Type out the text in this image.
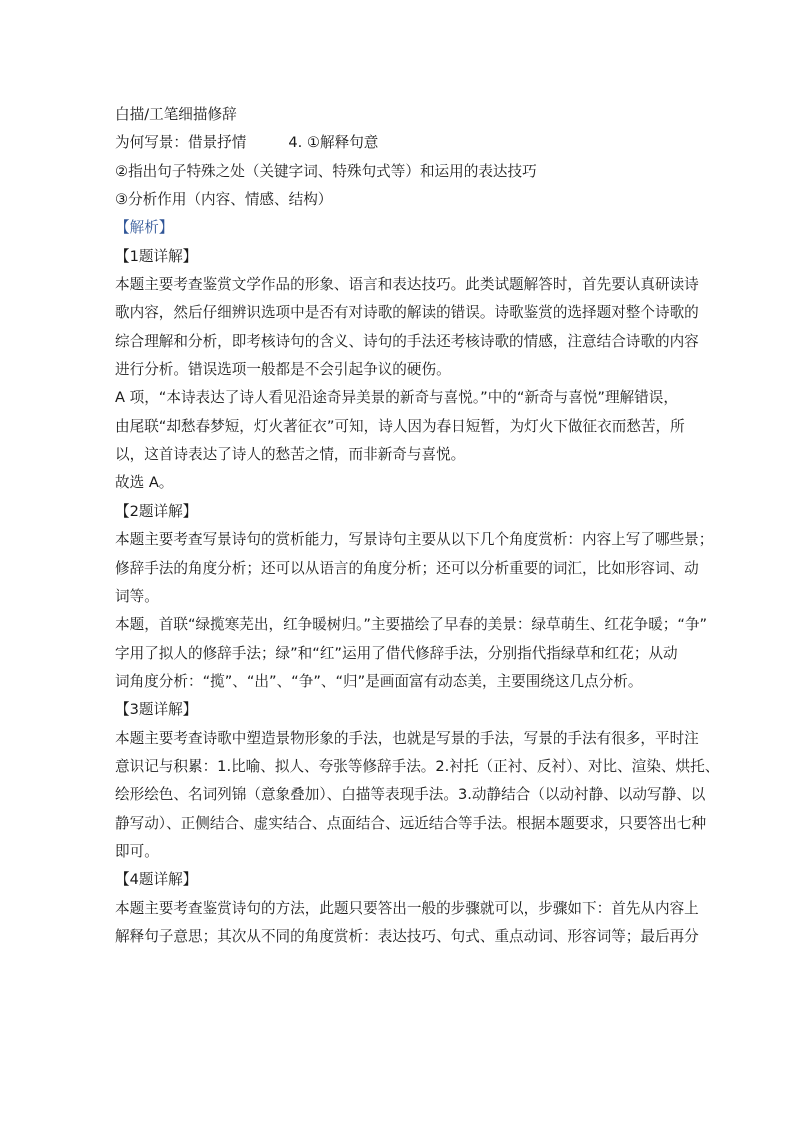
白描/工笔细描修辞
为何写景：借景抒情	4. ①解释句意
②指出句子特殊之处（关键字词、特殊句式等）和运用的表达技巧
③分析作用（内容、情感、结构）
【解析】
【1题详解】
本题主要考查鉴赏文学作品的形象、语言和表达技巧。此类试题解答时，首先要认真研读诗
歌内容，然后仔细辨识选项中是否有对诗歌的解读的错误。诗歌鉴赏的选择题对整个诗歌的
综合理解和分析，即考核诗句的含义、诗句的手法还考核诗歌的情感，注意结合诗歌的内容
进行分析。错误选项一般都是不会引起争议的硬伤。
A 项，“本诗表达了诗人看见沿途奇异美景的新奇与喜悦。”中的“新奇与喜悦”理解错误，
由尾联“却愁春梦短，灯火著征衣”可知，诗人因为春日短暂，为灯火下做征衣而愁苦，所
以，这首诗表达了诗人的愁苦之情，而非新奇与喜悦。
故选 A。
【2题详解】
本题主要考查写景诗句的赏析能力，写景诗句主要从以下几个角度赏析：内容上写了哪些景；
修辞手法的角度分析；还可以从语言的角度分析；还可以分析重要的词汇，比如形容词、动
词等。
本题，首联“绿揽寒芜出，红争暖树归。”主要描绘了早春的美景：绿草萌生、红花争暖；“争”
字用了拟人的修辞手法；绿”和“红”运用了借代修辞手法，分别指代指绿草和红花；从动
词角度分析：“揽”、“出”、“争”、“归”是画面富有动态美，主要围绕这几点分析。
【3题详解】
本题主要考查诗歌中塑造景物形象的手法，也就是写景的手法，写景的手法有很多，平时注
意识记与积累：1.比喻、拟人、夸张等修辞手法。2.衬托（正衬、反衬）、对比、渲染、烘托、
绘形绘色、名词列锦（意象叠加）、白描等表现手法。3.动静结合（以动衬静、以动写静、以
静写动）、正侧结合、虚实结合、点面结合、远近结合等手法。根据本题要求，只要答出七种
即可。
【4题详解】
本题主要考查鉴赏诗句的方法，此题只要答出一般的步骤就可以，步骤如下：首先从内容上
解释句子意思；其次从不同的角度赏析：表达技巧、句式、重点动词、形容词等；最后再分
